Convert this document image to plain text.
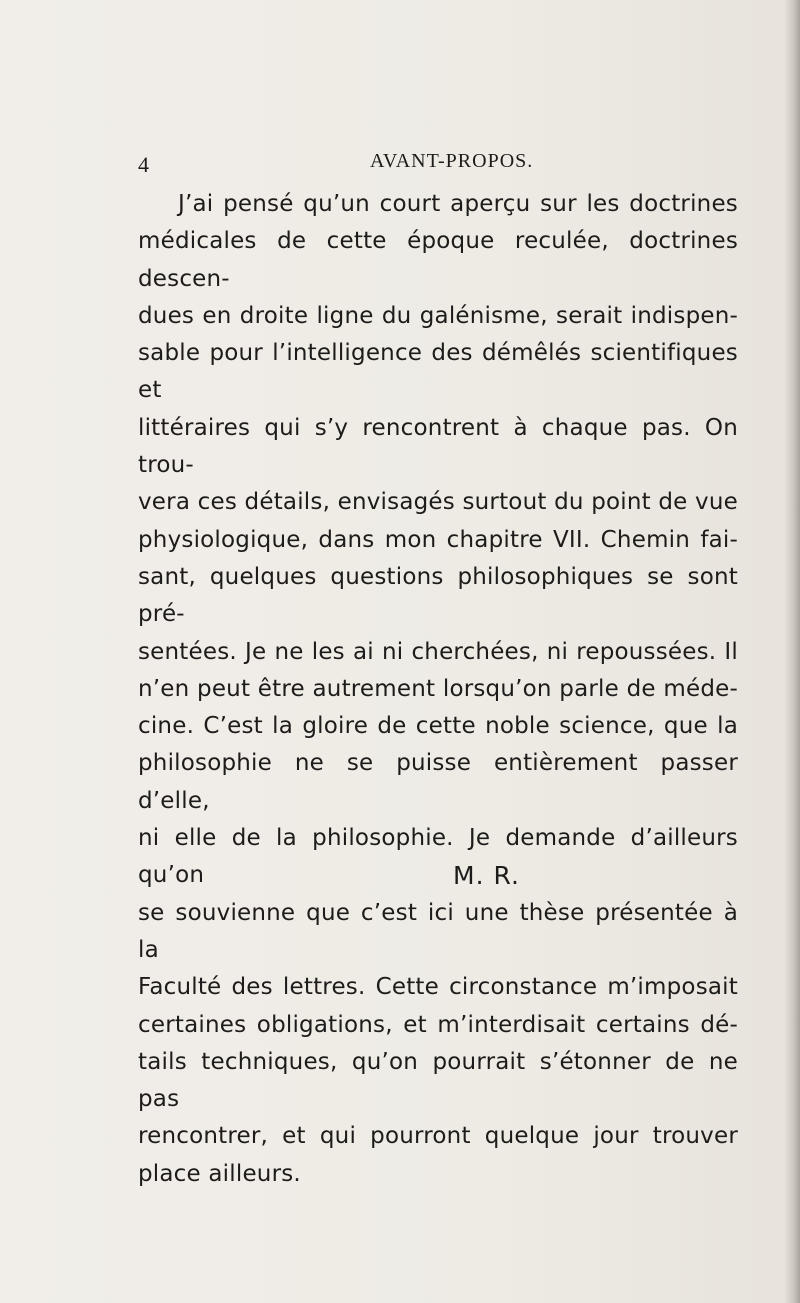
4	AVANT-PROPOS.
J’ai pensé qu’un court aperçu sur les doctrines
médicales de cette époque reculée, doctrines descen-
dues en droite ligne du galénisme, serait indispen-
sable pour l’intelligence des démêlés scientifiques et
littéraires qui s’y rencontrent à chaque pas. On trou-
vera ces détails, envisagés surtout du point de vue
physiologique, dans mon chapitre VII. Chemin fai-
sant, quelques questions philosophiques se sont pré-
sentées. Je ne les ai ni cherchées, ni repoussées. Il
n’en peut être autrement lorsqu’on parle de méde-
cine. C’est la gloire de cette noble science, que la
philosophie ne se puisse entièrement passer d’elle,
ni elle de la philosophie. Je demande d’ailleurs qu’on
se souvienne que c’est ici une thèse présentée à la
Faculté des lettres. Cette circonstance m’imposait
certaines obligations, et m’interdisait certains dé-
tails techniques, qu’on pourrait s’étonner de ne pas
rencontrer, et qui pourront quelque jour trouver
place ailleurs.
M. R.
